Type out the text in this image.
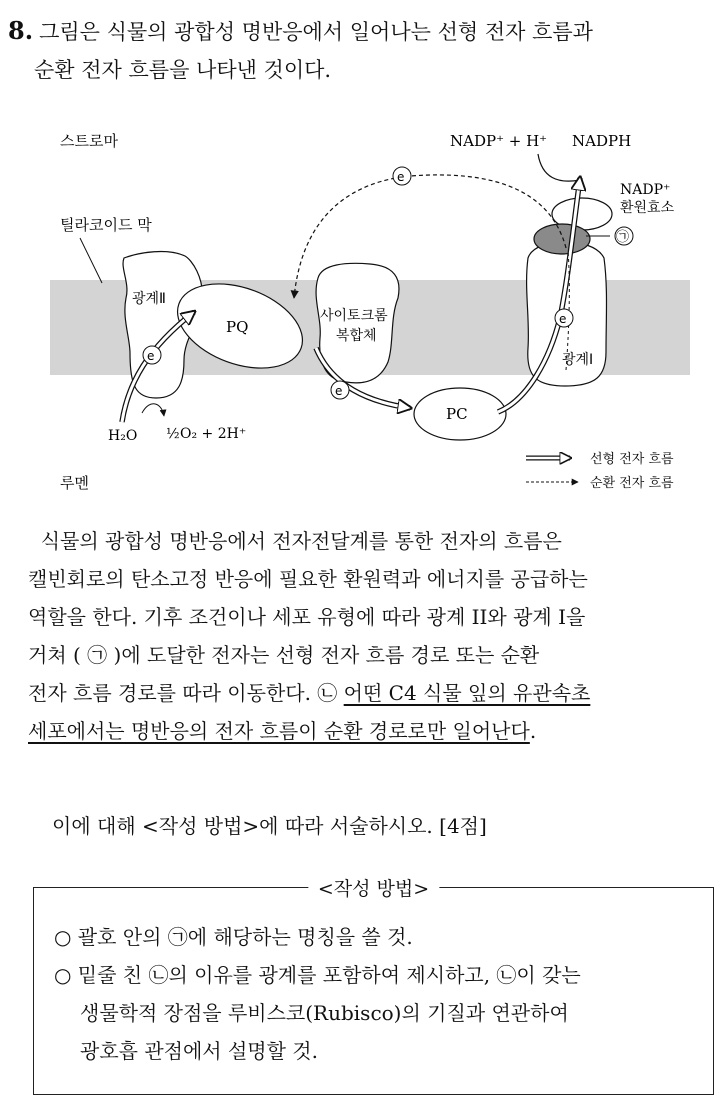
8. 그림은 식물의 광합성 명반응에서 일어나는 선형 전자 흐름과
순환 전자 흐름을 나타낸 것이다.
스트로마
루멘
틸라코이드 막
광계Ⅱ
PQ
사이토크롬
복합체
PC
광계Ⅰ
㉠
NADP⁺
환원효소
NADP⁺ + H⁺ NADPH
e
e
e
e
H₂O ½ O₂ + 2H⁺
선형 전자 흐름
순환 전자 흐름

식물의 광합성 명반응에서 전자전달계를 통한 전자의 흐름은

캘빈회로의 탄소고정 반응에 필요한 환원력과 에너지를 공급하는

역할을 한다. 기후 조건이나 세포 유형에 따라 광계 II와 광계 I을

거쳐 ( ㉠ )에 도달한 전자는 선형 전자 흐름 경로 또는 순환

전자 흐름 경로를 따라 이동한다. ㉡ 어떤 C4 식물 잎의 유관속초

세포에서는 명반응의 전자 흐름이 순환 경로로만 일어난다.

이에 대해 <작성 방법>에 따라 서술하시오. [4점]
<작성 방법>
○ 괄호 안의 ㉠에 해당하는 명칭을 쓸 것.
○ 밑줄 친 ㉡의 이유를 광계를 포함하여 제시하고, ㉡이 갖는
생물학적 장점을 루비스코(Rubisco)의 기질과 연관하여
광호흡 관점에서 설명할 것.
